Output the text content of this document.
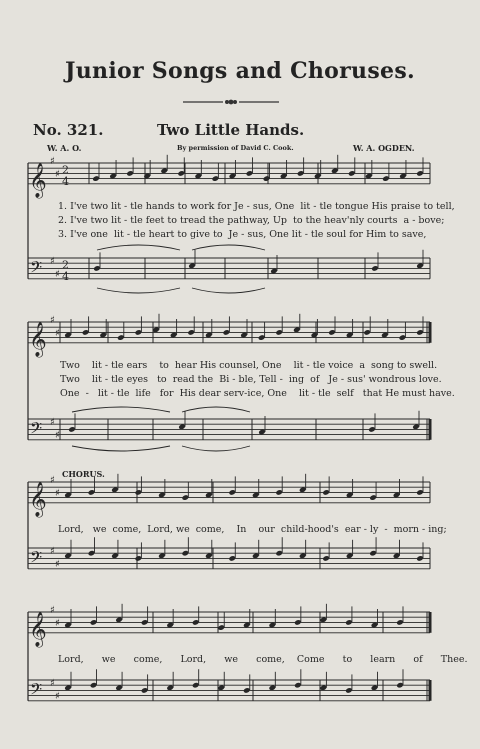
Junior Songs and Choruses.
No. 321.	Two Little Hands.
W. A. O.	By permission of David C. Cook.	W. A. OGDEN.
𝄞
♯
♯ 2
4
𝄢 ♯
♯
2
4
𝄞
♯
♯
𝄢 ♯
♯
𝄞
♯
♯
𝄢 ♯
♯
𝄞
♯
♯
𝄢 ♯
♯
1. I've two lit - tle hands to work for Je - sus, One  lit - tle tongue His praise to tell,
2. I've two lit - tle feet to tread the pathway, Up  to the heav'nly courts  a - bove;
3. I've one  lit - tle heart to give to  Je - sus, One lit - tle soul for Him to save,
Two    lit - tle ears    to  hear His counsel, One    lit - tle voice  a  song to swell.
Two    lit - tle eyes   to  read the  Bi - ble, Tell -  ing  of   Je - sus' wondrous love.
One  -   lit - tle  life   for  His dear serv-ice, One    lit - tle  self   that He must have.
CHORUS.
Lord,   we  come,  Lord, we  come,    In    our  child-hood's  ear - ly  -  morn - ing;
Lord,      we      come,      Lord,      we      come,    Come      to      learn      of      Thee.
